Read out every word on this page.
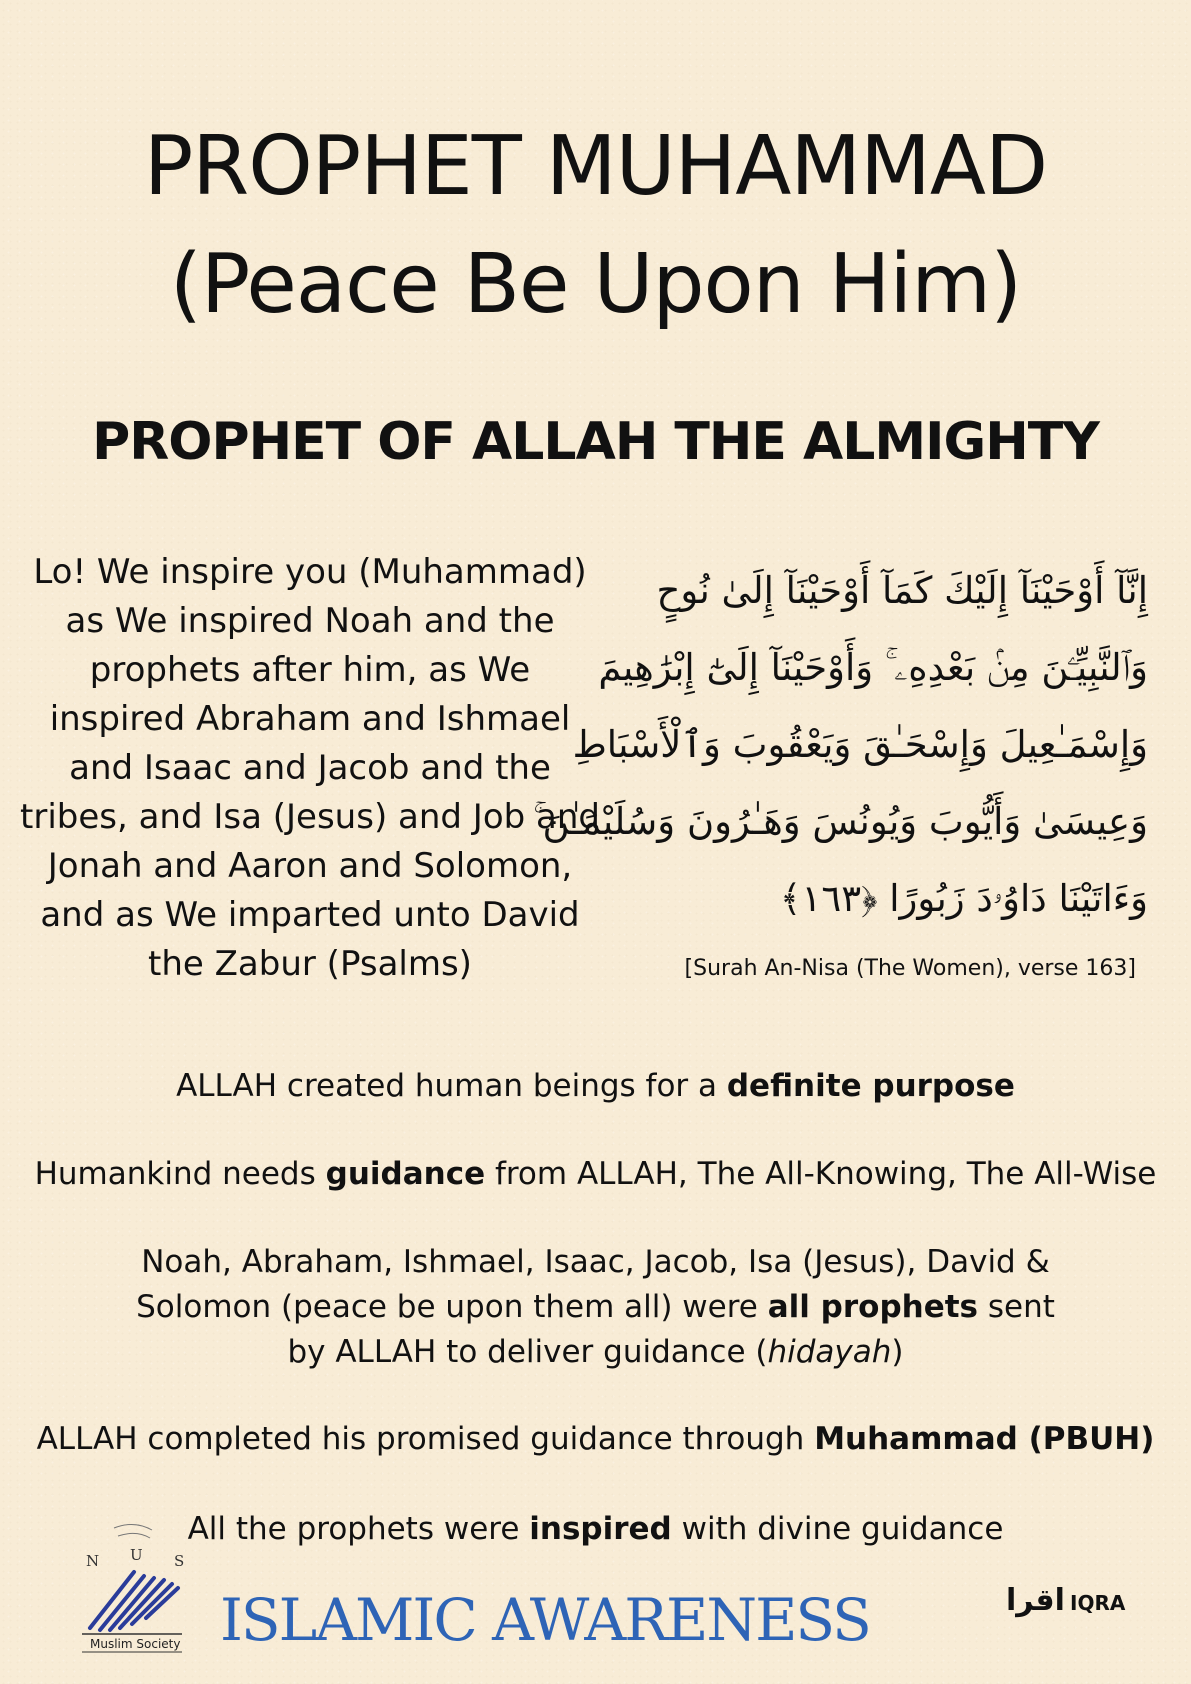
PROPHET MUHAMMAD
(Peace Be Upon Him)
PROPHET OF ALLAH THE ALMIGHTY
Lo! We inspire you (Muhammad) as We inspired Noah and the prophets after him, as We inspired Abraham and Ishmael and Isaac and Jacob and the tribes, and Isa (Jesus) and Job and Jonah and Aaron and Solomon, and as We imparted unto David the Zabur (Psalms)
إِنَّآ أَوْحَيْنَآ إِلَيْكَ كَمَآ أَوْحَيْنَآ إِلَىٰ نُوحٍ
وَٱلنَّبِيِّـۧنَ مِنۢ بَعْدِهِۦ ۚ وَأَوْحَيْنَآ إِلَىٰٓ إِبْرَٰهِيمَ
وَإِسْمَـٰعِيلَ وَإِسْحَـٰقَ وَيَعْقُوبَ وَٱلْأَسْبَاطِ
وَعِيسَىٰ وَأَيُّوبَ وَيُونُسَ وَهَـٰرُونَ وَسُلَيْمَـٰنَ ۚ
وَءَاتَيْنَا دَاوُۥدَ زَبُورًا ﴿١٦٣﴾
[Surah An-Nisa (The Women), verse 163]

ALLAH created human beings for a definite purpose

Humankind needs guidance from ALLAH, The All-Knowing, The All-Wise

Noah, Abraham, Ishmael, Isaac, Jacob, Isa (Jesus), David & Solomon (peace be upon them all) were all prophets sent by ALLAH to deliver guidance (hidayah)

ALLAH completed his promised guidance through Muhammad (PBUH)

All the prophets were inspired with divine guidance

N U S
Muslim Society ISLAMIC AWARENESS	اقرا IQRA
